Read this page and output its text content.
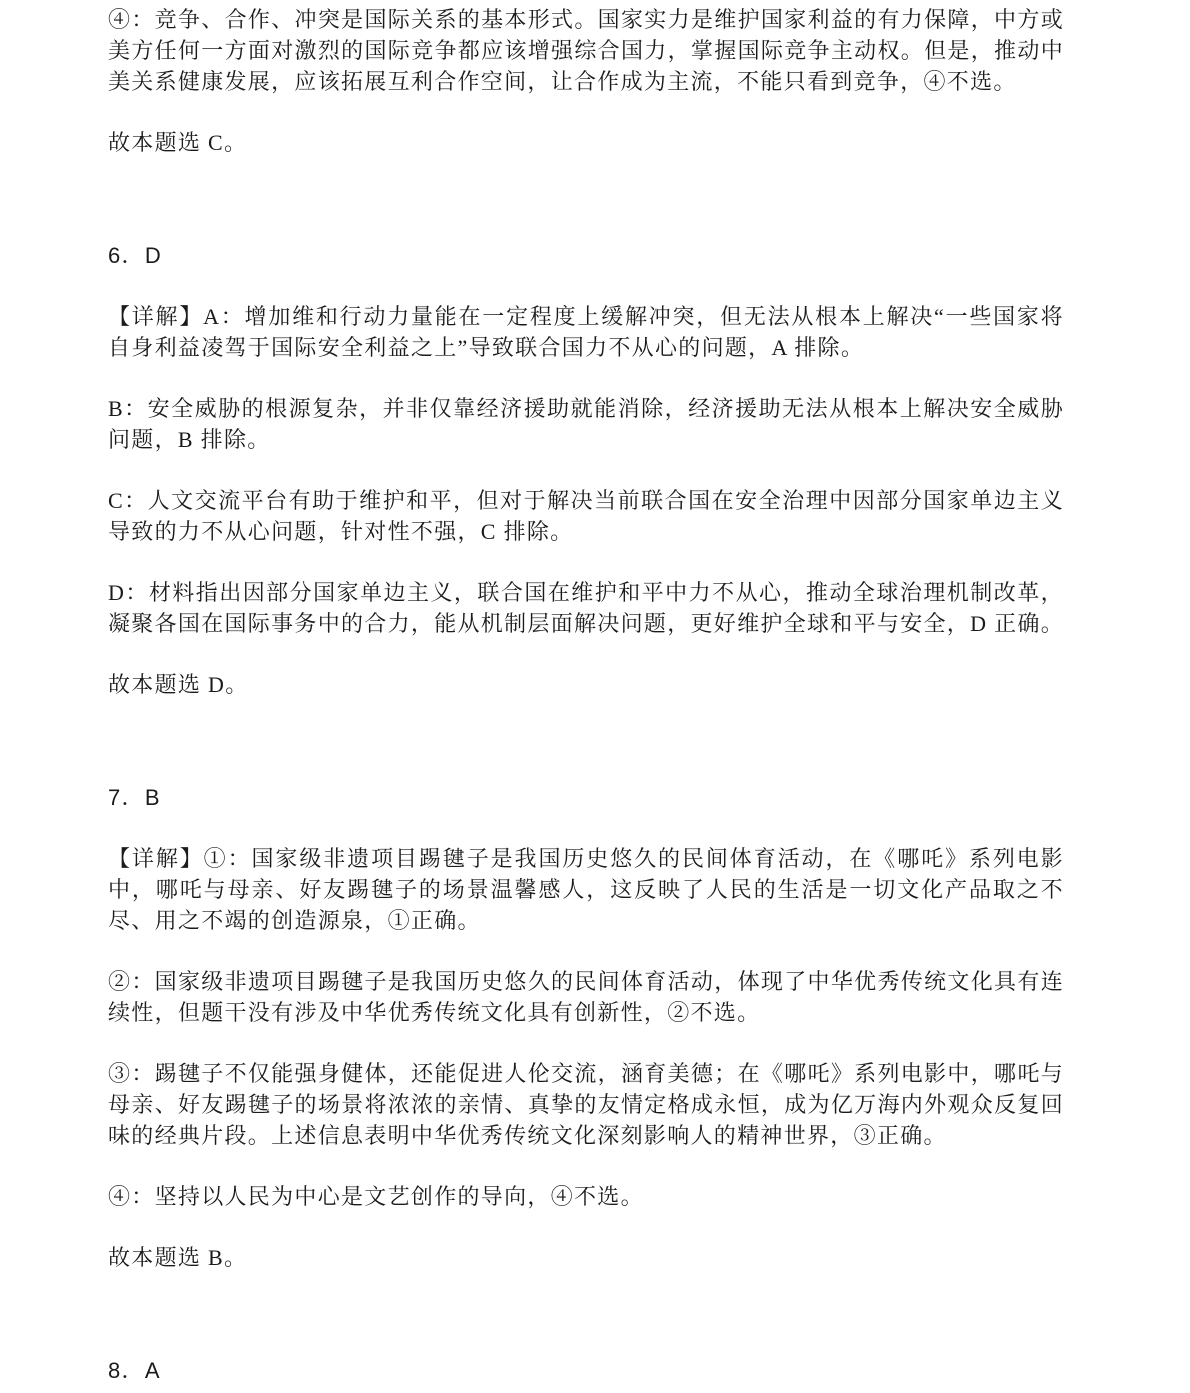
④：竞争、合作、冲突是国际关系的基本形式。国家实力是维护国家利益的有力保障，中方或美方任何一方面对激烈的国际竞争都应该增强综合国力，掌握国际竞争主动权。但是，推动中美关系健康发展，应该拓展互利合作空间，让合作成为主流，不能只看到竞争，④不选。

故本题选 C。

6．D

【详解】A：增加维和行动力量能在一定程度上缓解冲突，但无法从根本上解决“一些国家将自身利益凌驾于国际安全利益之上”导致联合国力不从心的问题，A 排除。

B：安全威胁的根源复杂，并非仅靠经济援助就能消除，经济援助无法从根本上解决安全威胁问题，B 排除。

C：人文交流平台有助于维护和平，但对于解决当前联合国在安全治理中因部分国家单边主义导致的力不从心问题，针对性不强，C 排除。

D：材料指出因部分国家单边主义，联合国在维护和平中力不从心，推动全球治理机制改革，凝聚各国在国际事务中的合力，能从机制层面解决问题，更好维护全球和平与安全，D 正确。

故本题选 D。

7．B

【详解】①：国家级非遗项目踢毽子是我国历史悠久的民间体育活动，在《哪吒》系列电影中，哪吒与母亲、好友踢毽子的场景温馨感人，这反映了人民的生活是一切文化产品取之不尽、用之不竭的创造源泉，①正确。

②：国家级非遗项目踢毽子是我国历史悠久的民间体育活动，体现了中华优秀传统文化具有连续性，但题干没有涉及中华优秀传统文化具有创新性，②不选。

③：踢毽子不仅能强身健体，还能促进人伦交流，涵育美德；在《哪吒》系列电影中，哪吒与母亲、好友踢毽子的场景将浓浓的亲情、真挚的友情定格成永恒，成为亿万海内外观众反复回味的经典片段。上述信息表明中华优秀传统文化深刻影响人的精神世界，③正确。

④：坚持以人民为中心是文艺创作的导向，④不选。

故本题选 B。

8．A
